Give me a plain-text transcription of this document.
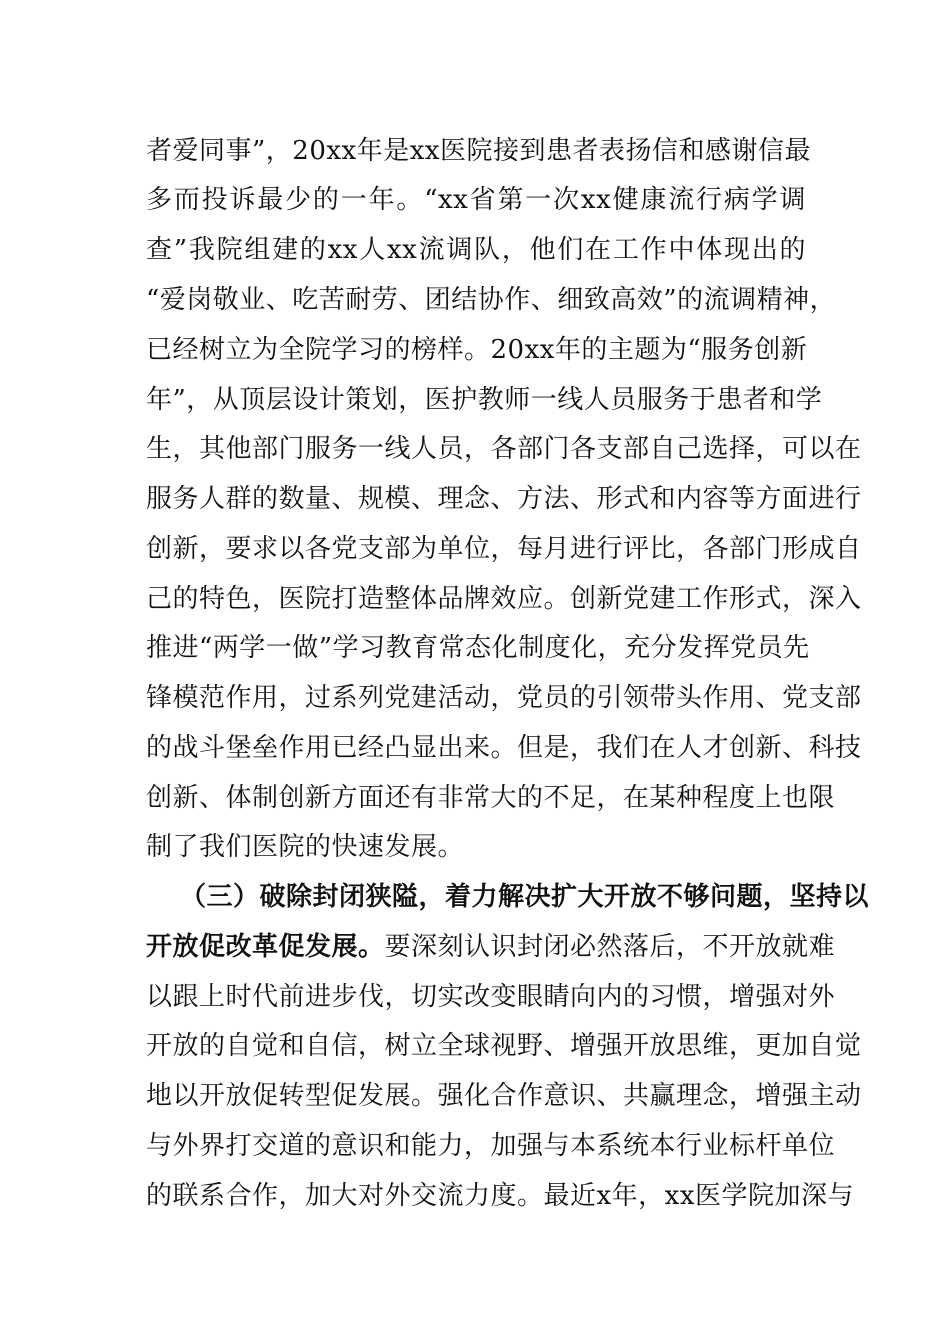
者爱同事”，20xx年是xx医院接到患者表扬信和感谢信最
多而投诉最少的一年。“xx省第一次xx健康流行病学调
查”我院组建的xx人xx流调队，他们在工作中体现出的
“爱岗敬业、吃苦耐劳、团结协作、细致高效”的流调精神，
已经树立为全院学习的榜样。20xx年的主题为“服务创新
年”，从顶层设计策划，医护教师一线人员服务于患者和学
生，其他部门服务一线人员，各部门各支部自己选择，可以在
服务人群的数量、规模、理念、方法、形式和内容等方面进行
创新，要求以各党支部为单位，每月进行评比，各部门形成自
己的特色，医院打造整体品牌效应。创新党建工作形式，深入
推进“两学一做”学习教育常态化制度化，充分发挥党员先
锋模范作用，过系列党建活动，党员的引领带头作用、党支部
的战斗堡垒作用已经凸显出来。但是，我们在人才创新、科技
创新、体制创新方面还有非常大的不足，在某种程度上也限
制了我们医院的快速发展。
（三）破除封闭狭隘，着力解决扩大开放不够问题，坚持以
开放促改革促发展。要深刻认识封闭必然落后，不开放就难
以跟上时代前进步伐，切实改变眼睛向内的习惯，增强对外
开放的自觉和自信，树立全球视野、增强开放思维，更加自觉
地以开放促转型促发展。强化合作意识、共赢理念，增强主动
与外界打交道的意识和能力，加强与本系统本行业标杆单位
的联系合作，加大对外交流力度。最近x年，xx医学院加深与
